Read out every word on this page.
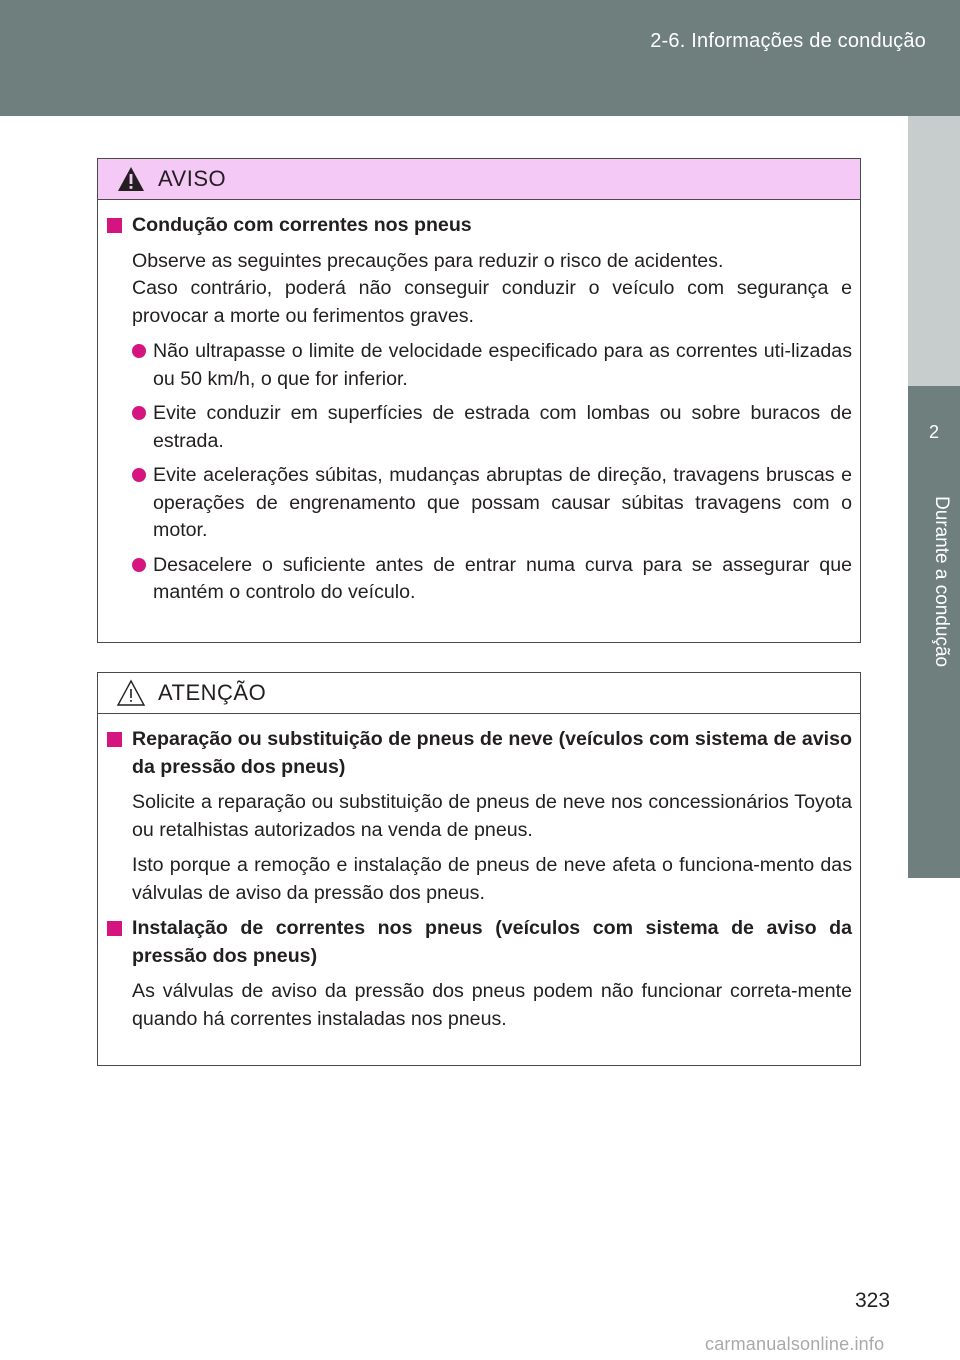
2-6. Informações de condução
2
Durante a condução
AVISO
Condução com correntes nos pneus

Observe as seguintes precauções para reduzir o risco de acidentes.

Caso contrário, poderá não conseguir conduzir o veículo com segurança e provocar a morte ou ferimentos graves.

Não ultrapasse o limite de velocidade especificado para as correntes uti-lizadas ou 50 km/h, o que for inferior.
Evite conduzir em superfícies de estrada com lombas ou sobre buracos de estrada.
Evite acelerações súbitas, mudanças abruptas de direção, travagens bruscas e operações de engrenamento que possam causar súbitas travagens com o motor.
Desacelere o suficiente antes de entrar numa curva para se assegurar que mantém o controlo do veículo.
ATENÇÃO
Reparação ou substituição de pneus de neve (veículos com sistema de aviso da pressão dos pneus)
Solicite a reparação ou substituição de pneus de neve nos concessionários Toyota ou retalhistas autorizados na venda de pneus.
Isto porque a remoção e instalação de pneus de neve afeta o funciona-mento das válvulas de aviso da pressão dos pneus.
Instalação de correntes nos pneus (veículos com sistema de aviso da pressão dos pneus)
As válvulas de aviso da pressão dos pneus podem não funcionar correta-mente quando há correntes instaladas nos pneus.
323
carmanualsonline.info
